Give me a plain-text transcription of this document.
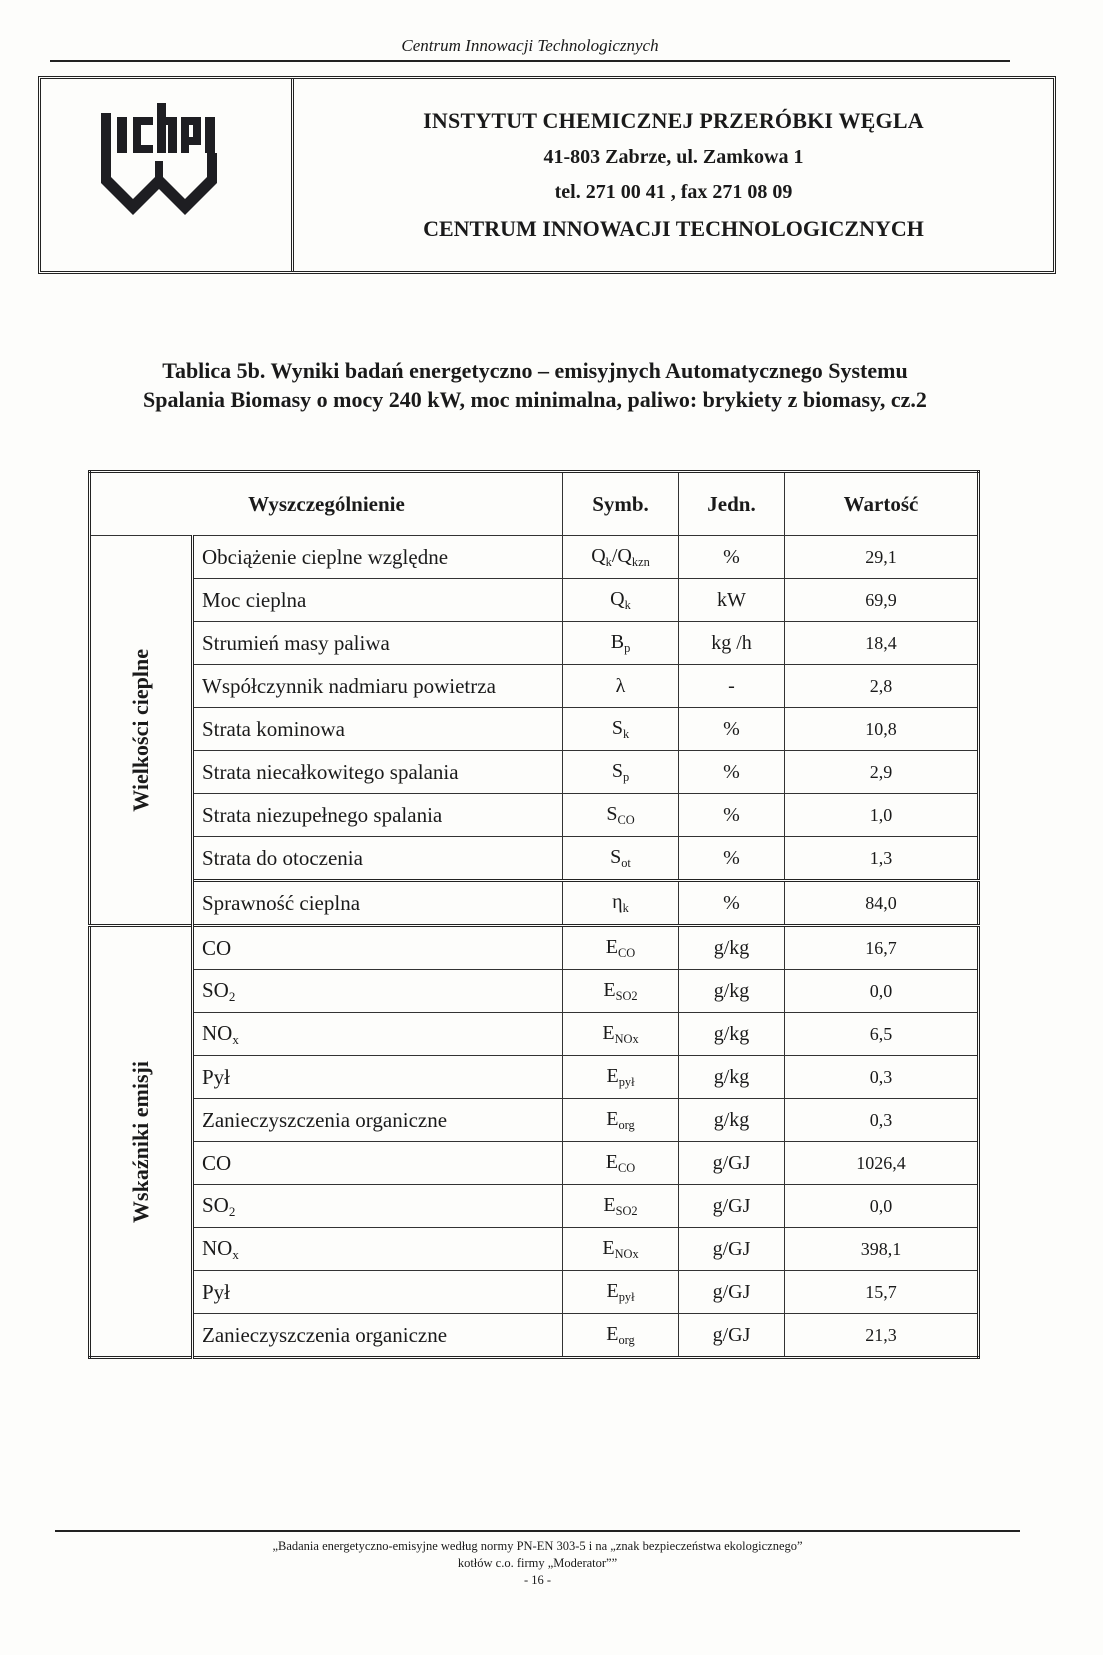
Centrum Innowacji Technologicznych
INSTYTUT CHEMICZNEJ PRZERÓBKI WĘGLA
41-803 Zabrze, ul. Zamkowa 1
tel. 271 00 41 , fax 271 08 09
CENTRUM INNOWACJI TECHNOLOGICZNYCH
Tablica 5b. Wyniki badań energetyczno – emisyjnych Automatycznego Systemu
Spalania Biomasy o mocy 240 kW, moc minimalna, paliwo: brykiety z biomasy, cz.2
Wyszczególnienie		Symb.	Jedn.	Wartość

Wielkości cieplne	Obciążenie cieplne względne	$Q_k/Q_{kzn}$	%	29,1
	Moc cieplna	$Q_k$	kW	69,9
	Strumień masy paliwa	$B_p$	kg /h	18,4
	Współczynnik nadmiaru powietrza	λ	-	2,8
	Strata kominowa	$S_k$	%	10,8
	Strata niecałkowitego spalania	$S_p$	%	2,9
	Strata niezupełnego spalania	$S_{CO}$	%	1,0
	Strata do otoczenia	$S_{ot}$	%	1,3
	Sprawność cieplna	$\eta_k$	%	84,0

Wskaźniki emisji	CO	$E_{CO}$	g/kg	16,7
	$SO_2$	$E_{SO2}$	g/kg	0,0
	$NO_x$	$E_{NOx}$	g/kg	6,5
	Pył	$E_{pył}$	g/kg	0,3
	Zanieczyszczenia organiczne	$E_{org}$	g/kg	0,3
	CO	$E_{CO}$	g/GJ	1026,4
	$SO_2$	$E_{SO2}$	g/GJ	0,0
	$NO_x$	$E_{NOx}$	g/GJ	398,1
	Pył	$E_{pył}$	g/GJ	15,7
	Zanieczyszczenia organiczne	$E_{org}$	g/GJ	21,3
„Badania energetyczno-emisyjne według normy PN-EN 303-5 i na „znak bezpieczeństwa ekologicznego”
kotłów c.o. firmy „Moderator””
- 16 -
